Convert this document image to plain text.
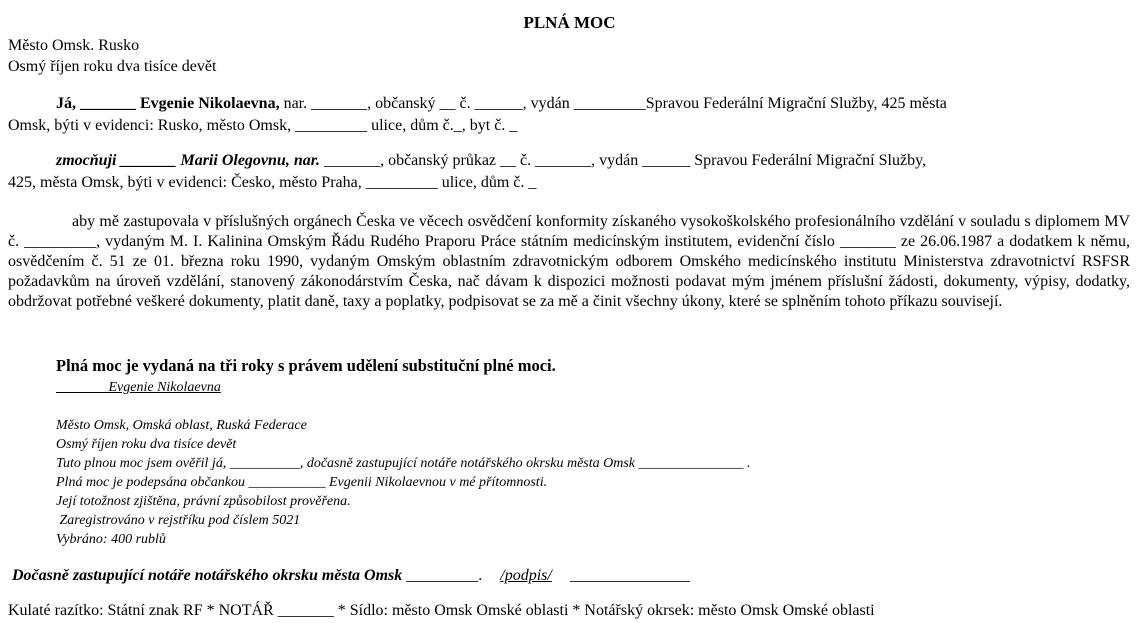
PLNÁ MOC
Město Omsk. Rusko
Osmý říjen roku dva tisíce devět
Já, _______ Evgenie Nikolaevna, nar. _______, občanský __ č. ______, vydán _________Spravou Federální Migrační Služby, 425 města
Omsk, býti v evidenci: Rusko, město Omsk, _________ ulice, dům č._, byt č. _
zmocňuji _______ Marii Olegovnu, nar. _______, občanský průkaz __ č. _______, vydán ______ Spravou Federální Migrační Služby,
425, města Omsk, býti v evidenci: Česko, město Praha, _________ ulice, dům č. _
aby mě zastupovala v příslušných orgánech Česka ve věcech osvědčení konformity získaného vysokoškolského profesionálního vzdělání v souladu s diplomem MV č. _________, vydaným M. I. Kalinina Omským Řádu Rudého Praporu Práce státním medicínským institutem, evidenční číslo _______ ze 26.06.1987 a dodatkem k němu, osvědčením č. 51 ze 01. března roku 1990, vydaným Omským oblastním zdravotnickým odborem Omského medicínského institutu Ministerstva zdravotnictví RSFSR požadavkům na úroveň vzdělání, stanovený zákonodárstvím Česka, nač dávam k dispozici možnosti podavat mým jménem příslušní žádosti, dokumenty, výpisy, dodatky, obdržovat potřebné veškeré dokumenty, platit daně, taxy a poplatky, podpisovat se za mě a činit všechny úkony, které se splněním tohoto příkazu souvisejí.
Plná moc je vydaná na tři roky s právem udělení substituční plné moci.
Evgenie Nikolaevna
Město Omsk, Omská oblast, Ruská Federace
Osmý říjen roku dva tisíce devět
Tuto plnou moc jsem ověřil já, __________, dočasně zastupující notáře notářského okrsku města Omsk _______________ .
Plná moc je podepsána občankou ___________ Evgenii Nikolaevnou v mé přítomnosti.
Její totožnost zjištěna, právní způsobilost prověřena.
Zaregistrováno v rejstříku pod číslem 5021
Vybráno: 400 rublů
Dočasně zastupující notáře notářského okrsku města Omsk _________. /podpis/ _______________
Kulaté razítko: Státní znak RF * NOTÁŘ _______ * Sídlo: město Omsk Omské oblasti * Notářský okrsek: město Omsk Omské oblasti
